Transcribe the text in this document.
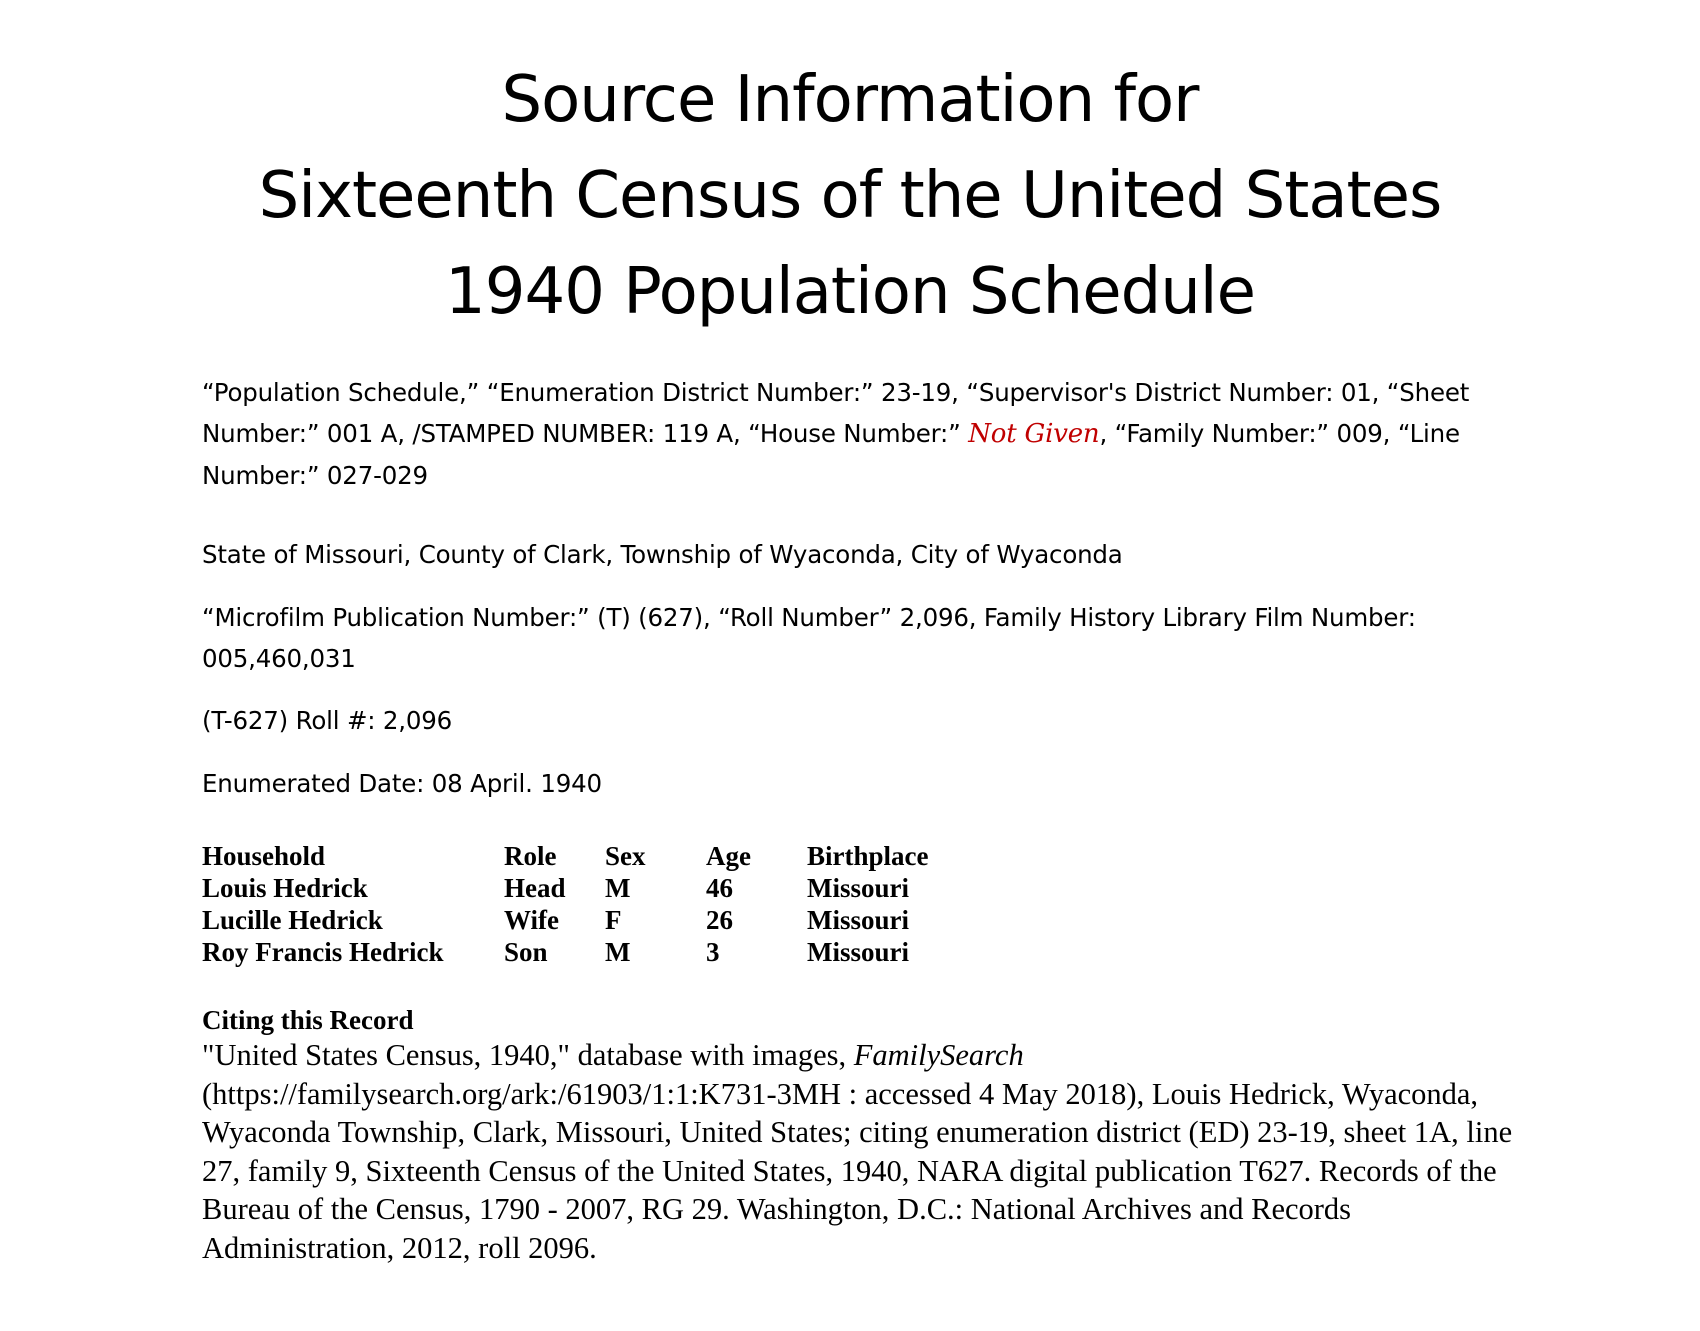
Source Information for
Sixteenth Census of the United States
1940 Population Schedule
“Population Schedule,” “Enumeration District Number:” 23-19, “Supervisor's District Number: 01, “Sheet Number:” 001 A, /STAMPED NUMBER: 119 A, “House Number:” Not Given, “Family Number:” 009, “Line Number:” 027-029
State of Missouri, County of Clark, Township of Wyaconda, City of Wyaconda
“Microfilm Publication Number:” (T) (627), “Roll Number” 2,096, Family History Library Film Number: 005,460,031
(T-627) Roll #: 2,096
Enumerated Date: 08 April. 1940
Household	Role	Sex	Age	Birthplace
Louis Hedrick	Head	M	46	Missouri
Lucille Hedrick	Wife	F	26	Missouri
Roy Francis Hedrick	Son	M	3	Missouri
Citing this Record
"United States Census, 1940," database with images, FamilySearch (https://familysearch.org/ark:/61903/1:1:K731-3MH : accessed 4 May 2018), Louis Hedrick, Wyaconda, Wyaconda Township, Clark, Missouri, United States; citing enumeration district (ED) 23-19, sheet 1A, line 27, family 9, Sixteenth Census of the United States, 1940, NARA digital publication T627. Records of the Bureau of the Census, 1790 - 2007, RG 29. Washington, D.C.: National Archives and Records Administration, 2012, roll 2096.
